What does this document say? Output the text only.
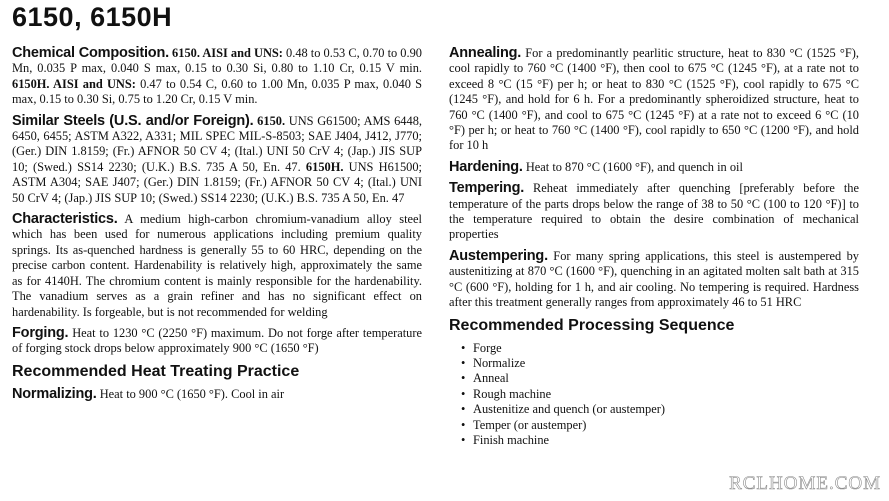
6150, 6150H

Chemical Composition. 6150. AISI and UNS: 0.48 to 0.53 C, 0.70 to 0.90 Mn, 0.035 P max, 0.040 S max, 0.15 to 0.30 Si, 0.80 to 1.10 Cr, 0.15 V min. 6150H. AISI and UNS: 0.47 to 0.54 C, 0.60 to 1.00 Mn, 0.035 P max, 0.040 S max, 0.15 to 0.30 Si, 0.75 to 1.20 Cr, 0.15 V min.

Similar Steels (U.S. and/or Foreign). 6150. UNS G61500; AMS 6448, 6450, 6455; ASTM A322, A331; MIL SPEC MIL-S-8503; SAE J404, J412, J770; (Ger.) DIN 1.8159; (Fr.) AFNOR 50 CV 4; (Ital.) UNI 50 CrV 4; (Jap.) JIS SUP 10; (Swed.) SS14 2230; (U.K.) B.S. 735 A 50, En. 47. 6150H. UNS H61500; ASTM A304; SAE J407; (Ger.) DIN 1.8159; (Fr.) AFNOR 50 CV 4; (Ital.) UNI 50 CrV 4; (Jap.) JIS SUP 10; (Swed.) SS14 2230; (U.K.) B.S. 735 A 50, En. 47

Characteristics. A medium high-carbon chromium-vanadium alloy steel which has been used for numerous applications including premium quality springs. Its as-quenched hardness is generally 55 to 60 HRC, depending on the precise carbon content. Hardenability is relatively high, approximately the same as for 4140H. The chromium content is mainly responsible for the hardenability. The vanadium serves as a grain refiner and has no significant effect on hardenability. Is forgeable, but is not recommended for welding

Forging. Heat to 1230 °C (2250 °F) maximum. Do not forge after temperature of forging stock drops below approximately 900 °C (1650 °F)

Recommended Heat Treating Practice

Normalizing. Heat to 900 °C (1650 °F). Cool in air

Annealing. For a predominantly pearlitic structure, heat to 830 °C (1525 °F), cool rapidly to 760 °C (1400 °F), then cool to 675 °C (1245 °F), at a rate not to exceed 8 °C (15 °F) per h; or heat to 830 °C (1525 °F), cool rapidly to 675 °C (1245 °F), and hold for 6 h. For a predominantly spheroidized structure, heat to 760 °C (1400 °F), and cool to 675 °C (1245 °F) at a rate not to exceed 6 °C (10 °F) per h; or heat to 760 °C (1400 °F), cool rapidly to 650 °C (1200 °F), and hold for 10 h

Hardening. Heat to 870 °C (1600 °F), and quench in oil

Tempering. Reheat immediately after quenching [preferably before the temperature of the parts drops below the range of 38 to 50 °C (100 to 120 °F)] to the temperature required to obtain the desire combination of mechanical properties

Austempering. For many spring applications, this steel is austempered by austenitizing at 870 °C (1600 °F), quenching in an agitated molten salt bath at 315 °C (600 °F), holding for 1 h, and air cooling. No tempering is required. Hardness after this treatment generally ranges from approximately 46 to 51 HRC

Recommended Processing Sequence
• Forge
• Normalize
• Anneal
• Rough machine
• Austenitize and quench (or austemper)
• Temper (or austemper)
• Finish machine
RCLHOME.COM
